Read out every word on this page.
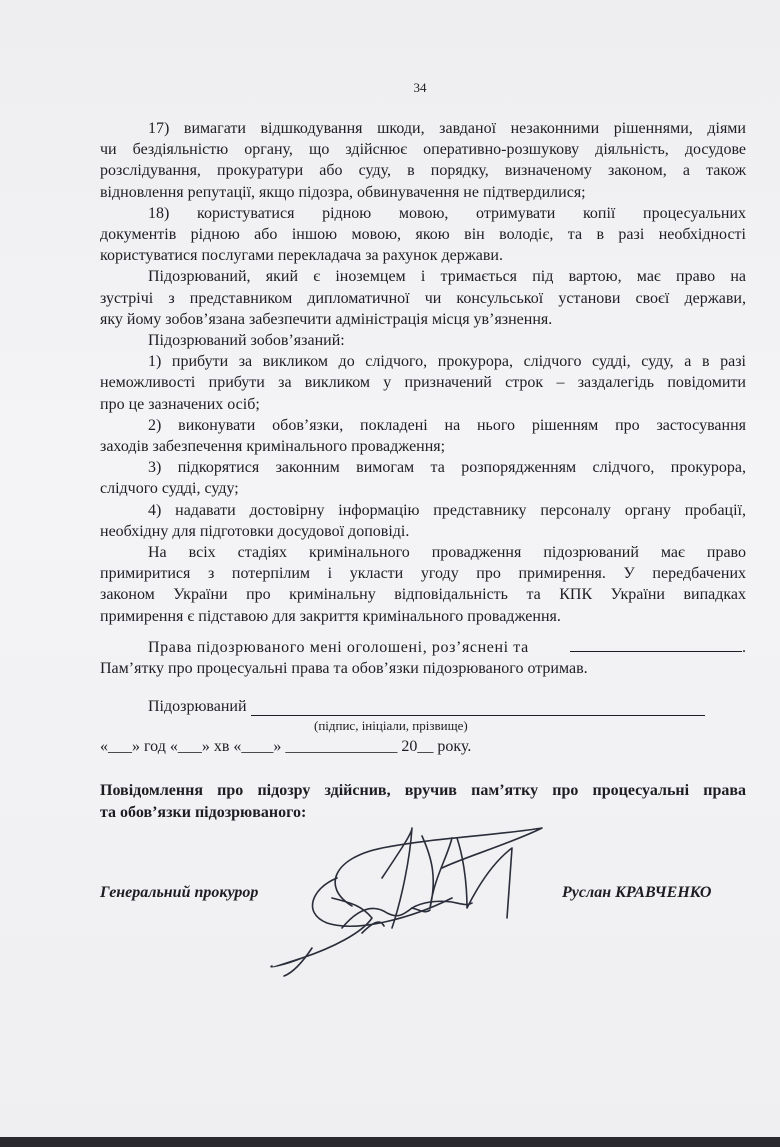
34
17) вимагати відшкодування шкоди, завданої незаконними рішеннями, діями
чи бездіяльністю органу, що здійснює оперативно-розшукову діяльність, досудове
розслідування, прокуратури або суду, в порядку, визначеному законом, а також
відновлення репутації, якщо підозра, обвинувачення не підтвердилися;
18) користуватися рідною мовою, отримувати копії процесуальних
документів рідною або іншою мовою, якою він володіє, та в разі необхідності
користуватися послугами перекладача за рахунок держави.
Підозрюваний, який є іноземцем і тримається під вартою, має право на
зустрічі з представником дипломатичної чи консульської установи своєї держави,
яку йому зобов’язана забезпечити адміністрація місця ув’язнення.
Підозрюваний зобов’язаний:
1) прибути за викликом до слідчого, прокурора, слідчого судді, суду, а в разі
неможливості прибути за викликом у призначений строк – заздалегідь повідомити
про це зазначених осіб;
2) виконувати обов’язки, покладені на нього рішенням про застосування
заходів забезпечення кримінального провадження;
3) підкорятися законним вимогам та розпорядженням слідчого, прокурора,
слідчого судді, суду;
4) надавати достовірну інформацію представнику персоналу органу пробації,
необхідну для підготовки досудової доповіді.
На всіх стадіях кримінального провадження підозрюваний має право
примиритися з потерпілим і укласти угоду про примирення. У передбачених
законом України про кримінальну відповідальність та КПК України випадках
примирення є підставою для закриття кримінального провадження.
Права підозрюваного мені оголошені, роз’яснені та	.
Пам’ятку про процесуальні права та обов’язки підозрюваного отримав.
Підозрюваний
(підпис, ініціали, прізвище)
«___» год «___» хв «____» ______________ 20__ року.
Повідомлення про підозру здійснив, вручив пам’ятку про процесуальні права
та обов’язки підозрюваного:
Генеральний прокурор	Руслан КРАВЧЕНКО
